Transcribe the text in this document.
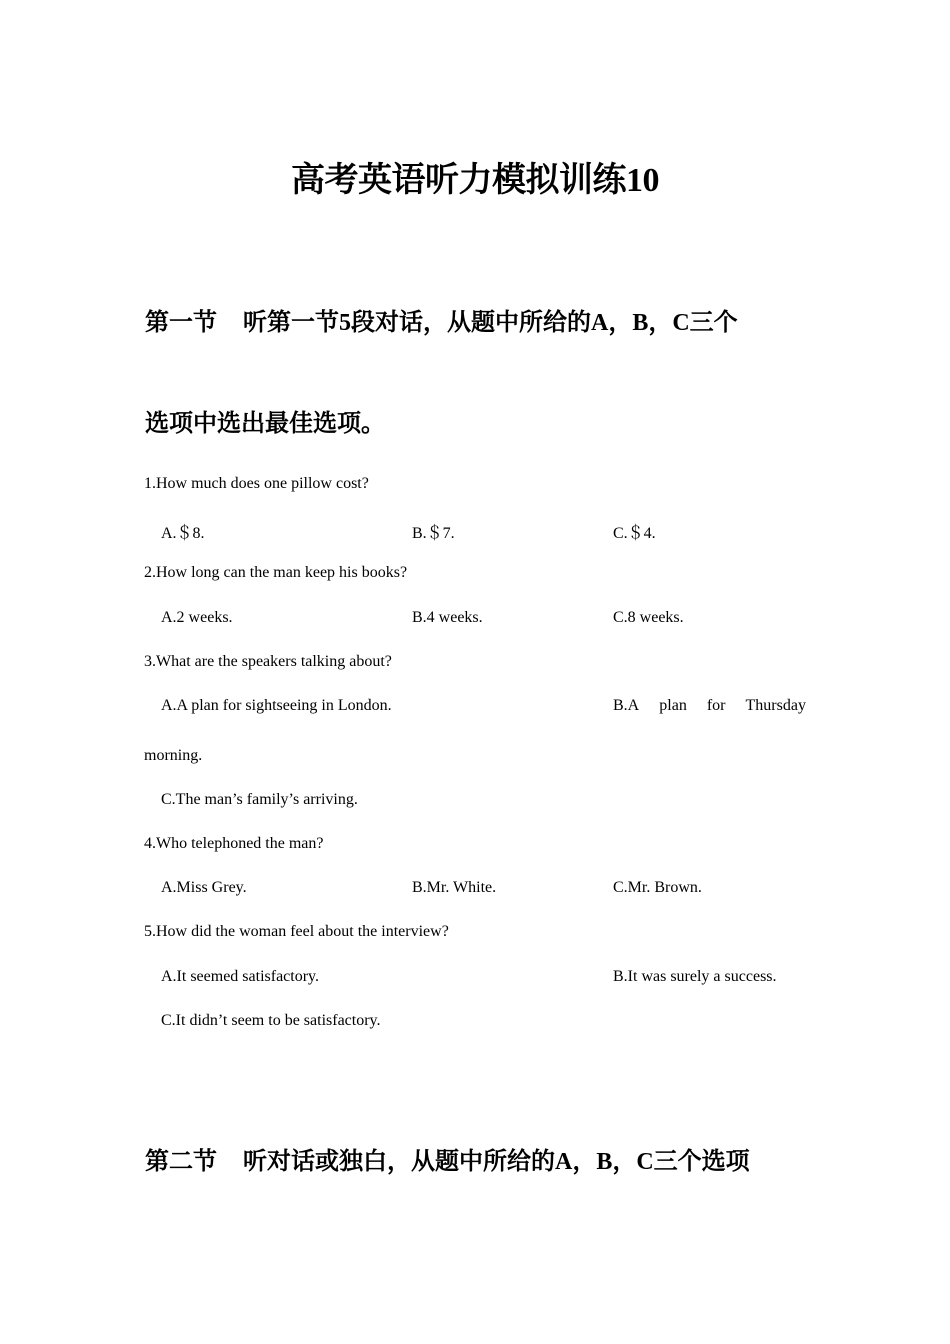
高考英语听力模拟训练10
第一节 听第一节5段对话，从题中所给的A，B，C三个
选项中选出最佳选项。
1.How much does one pillow cost?
A.＄8.	B.＄7.	C.＄4.
2.How long can the man keep his books?
A.2 weeks.	B.4 weeks.	C.8 weeks.
3.What are the speakers talking about?
A.A plan for sightseeing in London.	B.A plan for Thursday
morning.
C.The man’s family’s arriving.
4.Who telephoned the man?
A.Miss Grey.	B.Mr. White.	C.Mr. Brown.
5.How did the woman feel about the interview?
A.It seemed satisfactory.	B.It was surely a success.
C.It didn’t seem to be satisfactory.
第二节 听对话或独白，从题中所给的A，B，C三个选项
